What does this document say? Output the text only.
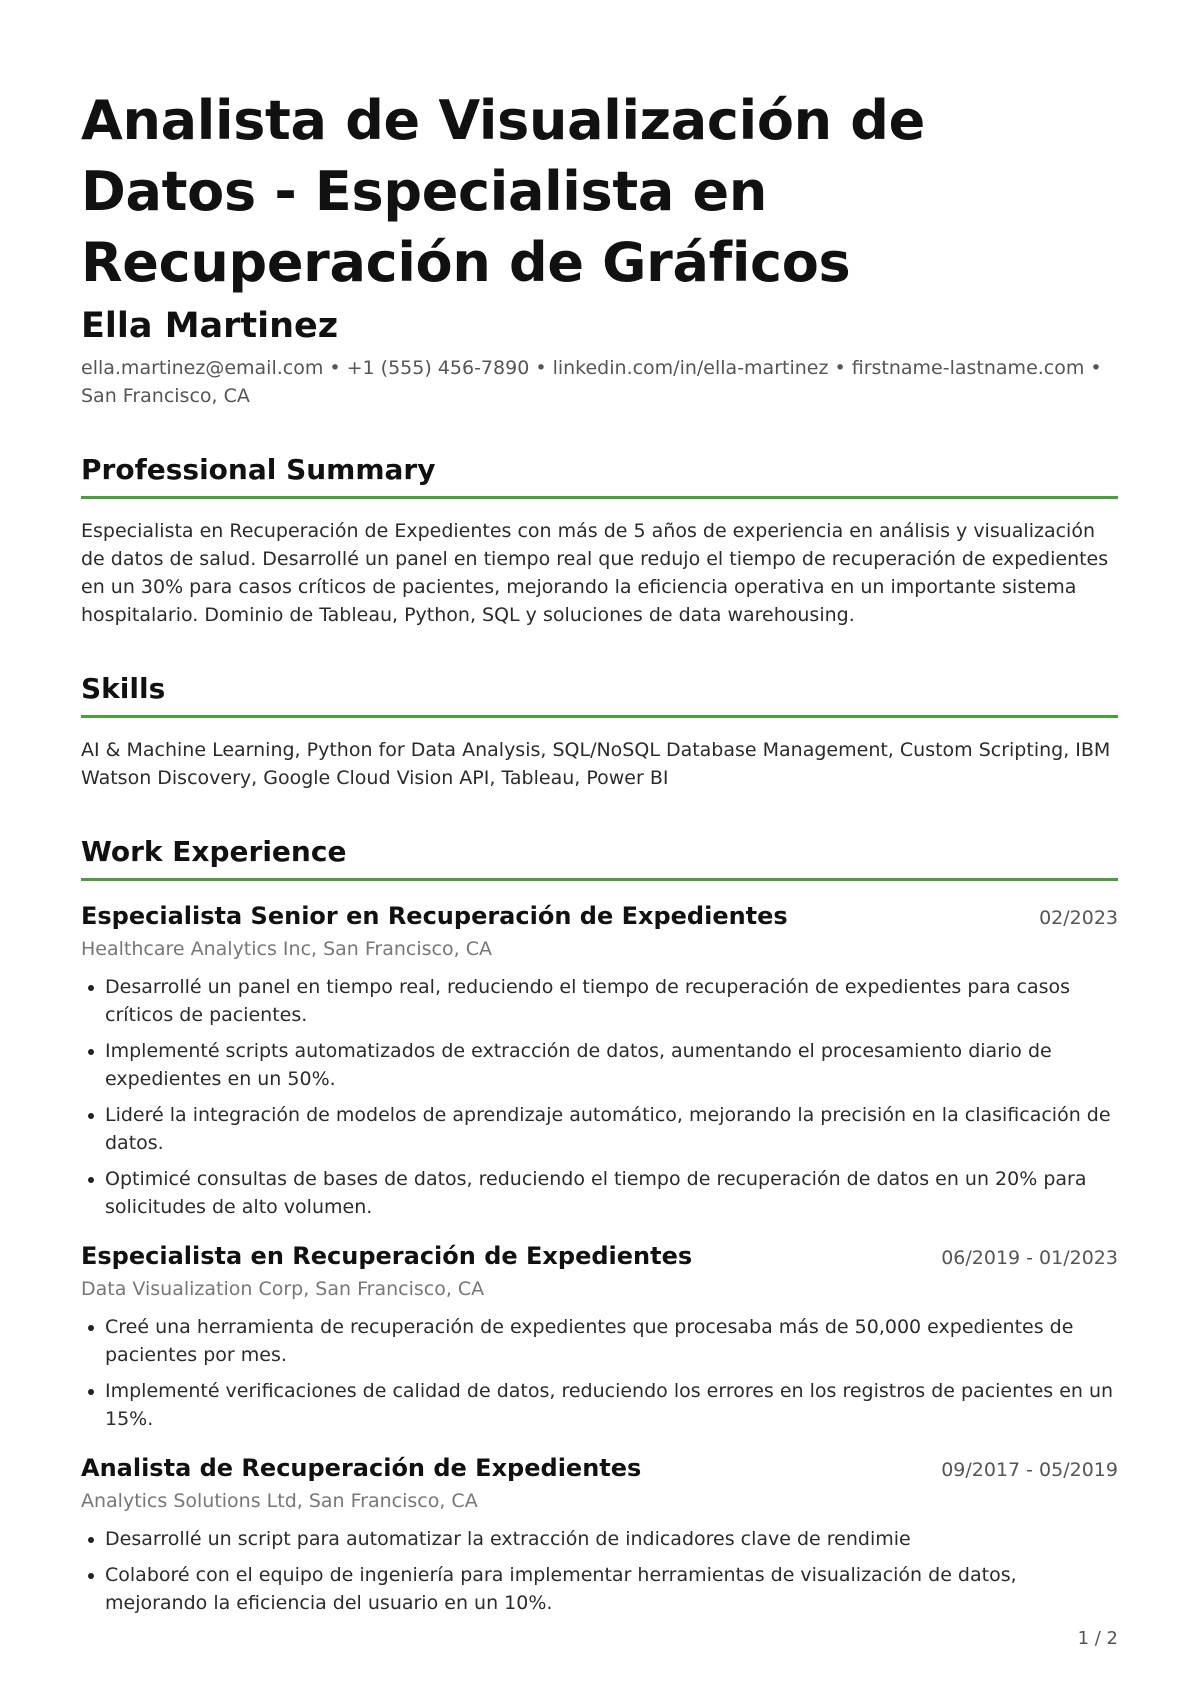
Analista de Visualización de Datos - Especialista en Recuperación de Gráficos
Ella Martinez
ella.martinez@email.com • +1 (555) 456-7890 • linkedin.com/in/ella-martinez • firstname-lastname.com • San Francisco, CA
Professional Summary
Especialista en Recuperación de Expedientes con más de 5 años de experiencia en análisis y visualización de datos de salud. Desarrollé un panel en tiempo real que redujo el tiempo de recuperación de expedientes en un 30% para casos críticos de pacientes, mejorando la eficiencia operativa en un importante sistema hospitalario. Dominio de Tableau, Python, SQL y soluciones de data warehousing.
Skills
AI & Machine Learning, Python for Data Analysis, SQL/NoSQL Database Management, Custom Scripting, IBM Watson Discovery, Google Cloud Vision API, Tableau, Power BI
Work Experience
Especialista Senior en Recuperación de Expedientes	02/2023
Healthcare Analytics Inc, San Francisco, CA
Desarrollé un panel en tiempo real, reduciendo el tiempo de recuperación de expedientes para casos críticos de pacientes.
Implementé scripts automatizados de extracción de datos, aumentando el procesamiento diario de expedientes en un 50%.
Lideré la integración de modelos de aprendizaje automático, mejorando la precisión en la clasificación de datos.
Optimicé consultas de bases de datos, reduciendo el tiempo de recuperación de datos en un 20% para solicitudes de alto volumen.
Especialista en Recuperación de Expedientes	06/2019 - 01/2023
Data Visualization Corp, San Francisco, CA
Creé una herramienta de recuperación de expedientes que procesaba más de 50,000 expedientes de pacientes por mes.
Implementé verificaciones de calidad de datos, reduciendo los errores en los registros de pacientes en un 15%.
Analista de Recuperación de Expedientes	09/2017 - 05/2019
Analytics Solutions Ltd, San Francisco, CA
Desarrollé un script para automatizar la extracción de indicadores clave de rendimie
Colaboré con el equipo de ingeniería para implementar herramientas de visualización de datos, mejorando la eficiencia del usuario en un 10%.
1 / 2
